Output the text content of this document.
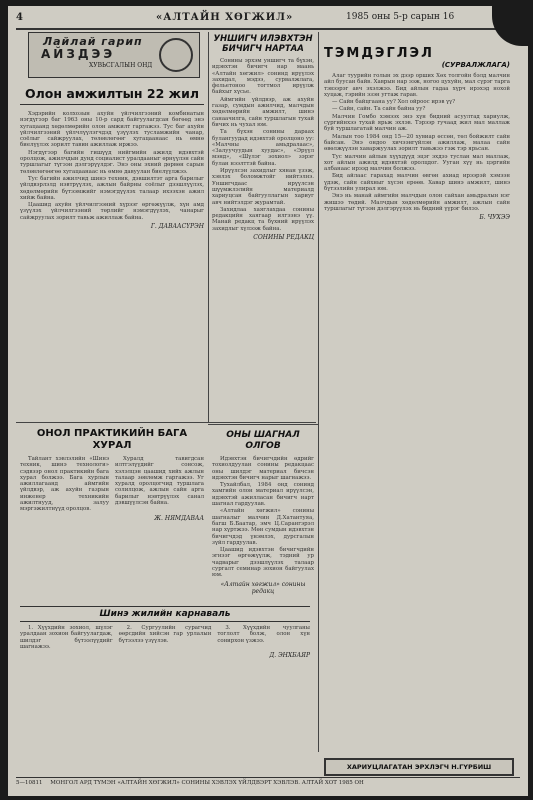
4	«АЛТАЙН ХӨГЖИЛ»	1985 оны 5-р сарын 16
Лайлай гарип
АЙЗДЭЭ
ХУВЬСГАЛЫН ОНД
Олон амжилтын 22 жил

Хэдэрийн колхозын ахуйн үйлчилгээний комбинатын нэгдүгээр баг 1963 оны 10-р сард байгуулагдсан бөгөөд энэ хугацаанд хөдөлмөрийн олон амжилт гаргажээ. Тус баг ахуйн үйлчилгээний үйлчлүүлэгчдэд үзүүлэх тусламжийн чанар, соёлыг сайжруулах, төлөвлөгөөг хугацаанаас нь өмнө биелүүлэх зорилт тавин ажиллаж иржээ.

Нэгдүгээр багийн гишүүд нийгмийн ажилд идэвхтэй оролцож, ажилчдын дунд социалист уралдааныг өрнүүлэн сайн туршлагыг түгээн дэлгэрүүлдэг. Энэ оны эхний дөрвөн сарын төлөвлөгөөгөө хугацаанаас нь өмнө давуулан биелүүлжээ.

Тус багийн ажилчид шинэ техник, дэвшилтэт арга барилыг үйлдвэрлэлд нэвтрүүлэх, ажлын байрны соёлыг дээшлүүлэх, хөдөлмөрийн бүтээмжийг нэмэгдүүлэх талаар ихээхэн ажил хийж байна.

Цаашид ахуйн үйлчилгээний хүрээг өргөжүүлж, хүн амд үзүүлэх үйлчилгээний төрлийг нэмэгдүүлэх, чанарыг сайжруулах зорилт тавьж ажиллаж байна.

Г. ДАВААСҮРЭН
ОНОЛ ПРАКТИКИЙН БАГА ХУРАЛ

Тайлант хэвлэлийн «Шинэ техник, шинэ технологи» сэдвээр онол практикийн бага хурал болжээ. Бага хурлын ажиллагаанд аймгийн үйлдвэр, аж ахуйн газрын инженер техникийн ажилтнууд, залуу мэргэжилтнүүд оролцов.

Хуралд тавигдсан илтгэлүүдийг сонсож, хэлэлцэн цаашид хийх ажлын талаар зөвлөмж гаргажээ. Уг хуралд оролцогчид туршлага солилцож, ажлын сайн арга барилыг нэвтрүүлэх санал дэвшүүлсэн байна.

Ж. НЯМДАВАА
Шинэ жилийн карнаваль

1. Хүүхдийн зохиол, шүлэг уралдаан зохион байгуулагдаж, шилдэг бүтээлүүдийг шагнажээ.

2. Сургуулийн сурагчид өөрсдийн хийсэн гар урлалын бүтээлээ үзүүлэв.

3. Хүүхдийн чуулганы тоглолт болж, олон хүн сонирхон үзжээ.

Д. ЭНХБАЯР
УНШИГЧ ИЛЭВХТЭН БИЧИГЧ НАРТАА

Сонины эрхэм уншигч та бүхэн, идэвхтэн бичигч нар маань «Алтайн хөгжил» сонинд ирүүлэх захидал, мэдээ, сурвалжлага, фельетоноо тогтмол ирүүлж байхыг хүсье.

Аймгийн үйлдвэр, аж ахуйн газар, сумдын ажилчид, малчдын хөдөлмөрийн амжилт, шинэ санаачилга, сайн туршлагын тухай бичих нь чухал юм.

Та бүхэн сонины дараах булангуудад идэвхтэй оролцоно уу: «Малчны амьдралаас», «Залуучуудын хуудас», «Эрүүл мэнд», «Шүлэг зохиол» зэрэг булан нээлттэй байна.

Ирүүлсэн захидлыг хянан үзэж, хэвлэх боломжтойг нийтэлнэ. Уншигчдаас ирүүлсэн шүүмжлэлийн материалд хариуцсан байгууллагын хариуг авч нийтэлдэг журамтай.

Захидлаа хаяглахдаа сонины редакцийн хаягаар илгээнэ үү. Манай редакц та бүхний ирүүлэх захидлыг хүлээж байна.

СОНИНЫ РЕДАКЦ
ОНЫ ШАГНАЛ ОЛГОВ

Идэвхтэн бичигчдийн өдрийг тохиолдуулан сонины редакцаас оны шилдэг материал бичсэн идэвхтэн бичигч нарыг шагнажээ.

Тухайлбал, 1984 онд сонинд хамгийн олон материал ирүүлсэн, идэвхтэй ажилласан бичигч нарт шагнал гардуулав.

«Алтайн хөгжил» сонины шагналыг малчин Д.Хатантуяа, багш Б.Баатар, эмч Ц.Сарангэрэл нар хүртжээ. Мөн сумдын идэвхтэн бичигчдэд үнэмлэх, дурсгалын зүйл гардуулав.

Цаашид идэвхтэн бичигчдийн эгнээг өргөжүүлж, тэдний ур чадварыг дээшлүүлэх талаар сургалт семинар зохион байгуулах юм.

«Алтайн хөгжил» сонины редакц
ТЭМДЭГЛЭЛ
(СУРВАЛЖЛАГА)

Алаг туурийн голын эх дээр орших Хөх толгойн бэлд малчин айл буусан байв. Хаврын нар ээж, ногоо цухуйн, мал сүрэг тарга тэвээрэг авч эхэлжээ. Бид айлын гадаа хүрч ирэхэд нохой хуцаж, гэрийн эзэн угтаж гарав.

— Сайн байцгаана уу? Хол ойроос ирэв үү?

— Сайн, сайн. Та сайн байна уу?

Малчин Гомбо хэмээх энэ хүн бидний асуултад хариулж, сүргийнхээ тухай ярьж эхлэв. Тэрээр гучаад жил мал маллаж буй туршлагатай малчин аж.

Малын тоо 1984 онд 15—20 хувиар өссөн, төл бойжилт сайн байсан. Энэ ондоо хичээнгүйлэн ажиллаж, малаа сайн өвөлжүүлэн хаваржуулах зорилт тавьжээ гэж тэр ярьсан.

Тус малчин айлын хүүхдүүд эцэг эхдээ туслан мал маллаж, хот айлын ажилд идэвхтэй оролцдог. Ууган хүү нь цэргийн албанаас ирээд малчин болжээ.

Бид айлаас гарахад малчин өвгөн ахиад ирээрэй хэмээн үдэж, сайн сайхныг хүсэн ерөөв. Хавар шинэ амжилт, шинэ бүтээлийн улирал юм.

Энэ нь манай аймгийн малчдын олон сайхан амьдралын нэг жишээ төдий. Малчдын хөдөлмөрийн амжилт, ажлын сайн туршлагыг түгээн дэлгэрүүлэх нь бидний үүрэг билээ.

Б. ЧУХЭЭ
ХАРИУЦЛАГАТАН ЭРХЛЭГЧ Н.ГҮРБИШ
5—10811 МОНГОЛ АРД ТҮМЭН «АЛТАЙН ХӨГЖИЛ» СОНИНЫ ХЭВЛЭХ ҮЙЛДВЭРТ ХЭВЛЭВ. АЛТАЙ ХОТ 1985 ОН
